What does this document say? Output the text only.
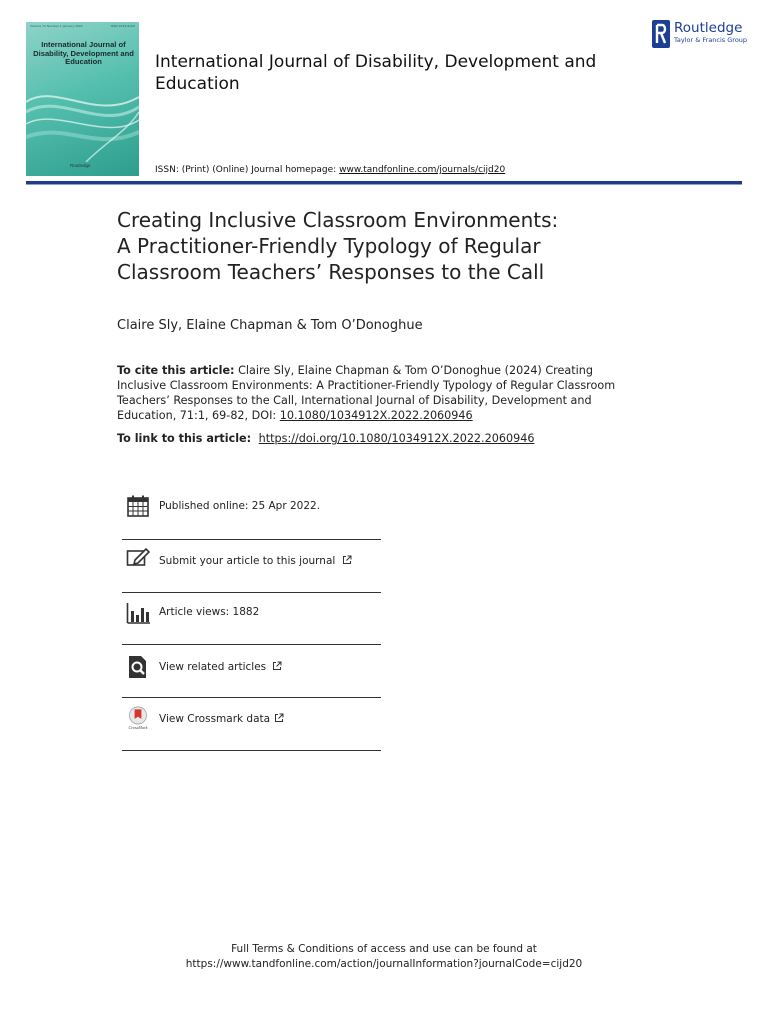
Volume 71 Number 1 January 2024	ISSN 1034-912X
International Journal of Disability, Development and Education
Routledge
International Journal of Disability, Development and Education
ISSN: (Print) (Online) Journal homepage: www.tandfonline.com/journals/cijd20
Routledge
Taylor & Francis Group
Creating Inclusive Classroom Environments:
A Practitioner-Friendly Typology of Regular
Classroom Teachers’ Responses to the Call
Claire Sly, Elaine Chapman & Tom O’Donoghue
To cite this article: Claire Sly, Elaine Chapman & Tom O’Donoghue (2024) Creating Inclusive Classroom Environments: A Practitioner-Friendly Typology of Regular Classroom Teachers’ Responses to the Call, International Journal of Disability, Development and Education, 71:1, 69-82, DOI: 10.1080/1034912X.2022.2060946
To link to this article: https://doi.org/10.1080/1034912X.2022.2060946
Published online: 25 Apr 2022.
Submit your article to this journal
Article views: 1882
View related articles
CrossMark
View Crossmark data
Full Terms & Conditions of access and use can be found at
https://www.tandfonline.com/action/journalInformation?journalCode=cijd20
